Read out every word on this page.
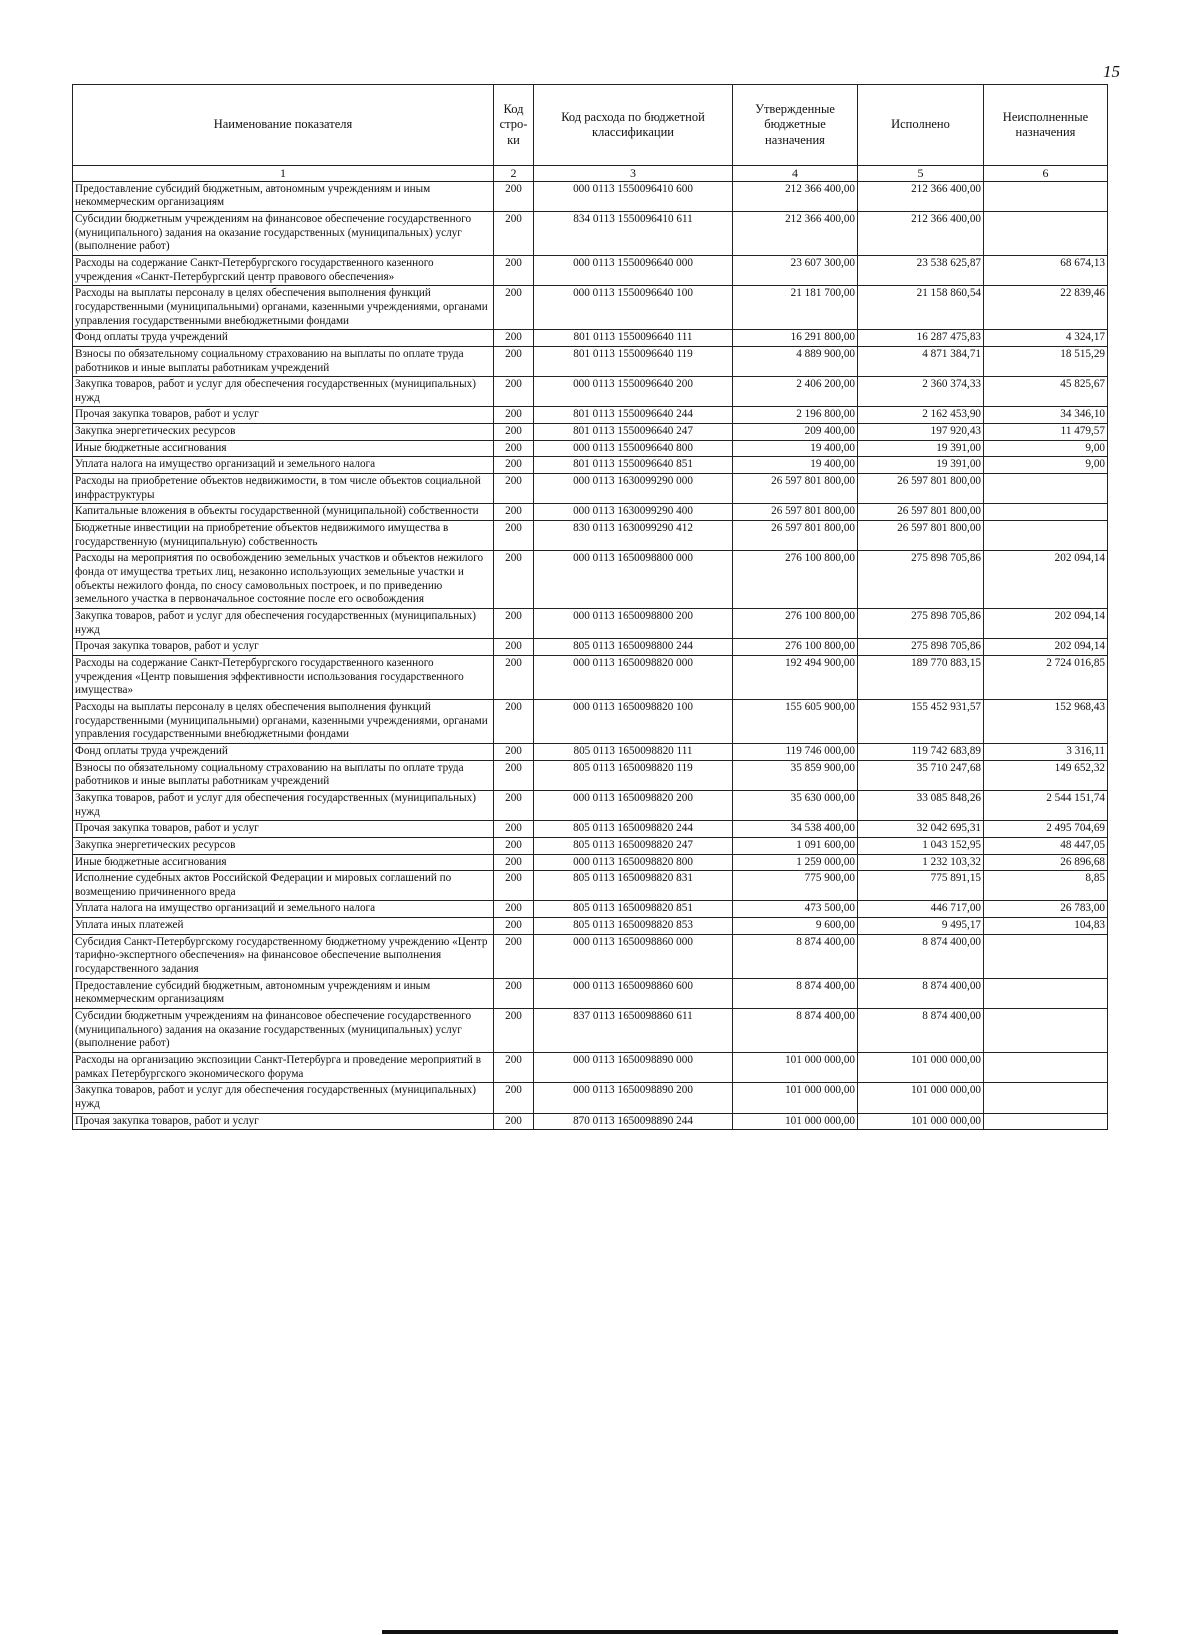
15
Наименование показателя	Код стро-ки	Код расхода по бюджетной классификации	Утвержденные бюджетные назначения	Исполнено	Неисполненные назначения
1	2	3	4	5	6
Предоставление субсидий бюджетным, автономным учреждениям и иным некоммерческим организациям	200	000 0113 1550096410 600	212 366 400,00	212 366 400,00	
Субсидии бюджетным учреждениям на финансовое обеспечение государственного (муниципального) задания на оказание государственных (муниципальных) услуг (выполнение работ)	200	834 0113 1550096410 611	212 366 400,00	212 366 400,00	
Расходы на содержание Санкт-Петербургского государственного казенного учреждения «Санкт-Петербургский центр правового обеспечения»	200	000 0113 1550096640 000	23 607 300,00	23 538 625,87	68 674,13
Расходы на выплаты персоналу в целях обеспечения выполнения функций государственными (муниципальными) органами, казенными учреждениями, органами управления государственными внебюджетными фондами	200	000 0113 1550096640 100	21 181 700,00	21 158 860,54	22 839,46
Фонд оплаты труда учреждений	200	801 0113 1550096640 111	16 291 800,00	16 287 475,83	4 324,17
Взносы по обязательному социальному страхованию на выплаты по оплате труда работников и иные выплаты работникам учреждений	200	801 0113 1550096640 119	4 889 900,00	4 871 384,71	18 515,29
Закупка товаров, работ и услуг для обеспечения государственных (муниципальных) нужд	200	000 0113 1550096640 200	2 406 200,00	2 360 374,33	45 825,67
Прочая закупка товаров, работ и услуг	200	801 0113 1550096640 244	2 196 800,00	2 162 453,90	34 346,10
Закупка энергетических ресурсов	200	801 0113 1550096640 247	209 400,00	197 920,43	11 479,57
Иные бюджетные ассигнования	200	000 0113 1550096640 800	19 400,00	19 391,00	9,00
Уплата налога на имущество организаций и земельного налога	200	801 0113 1550096640 851	19 400,00	19 391,00	9,00
Расходы на приобретение объектов недвижимости, в том числе объектов социальной инфраструктуры	200	000 0113 1630099290 000	26 597 801 800,00	26 597 801 800,00	
Капитальные вложения в объекты государственной (муниципальной) собственности	200	000 0113 1630099290 400	26 597 801 800,00	26 597 801 800,00	
Бюджетные инвестиции на приобретение объектов недвижимого имущества в государственную (муниципальную) собственность	200	830 0113 1630099290 412	26 597 801 800,00	26 597 801 800,00	
Расходы на мероприятия по освобождению земельных участков и объектов нежилого фонда от имущества третьих лиц, незаконно использующих земельные участки и объекты нежилого фонда, по сносу самовольных построек, и по приведению земельного участка в первоначальное состояние после его освобождения	200	000 0113 1650098800 000	276 100 800,00	275 898 705,86	202 094,14
Закупка товаров, работ и услуг для обеспечения государственных (муниципальных) нужд	200	000 0113 1650098800 200	276 100 800,00	275 898 705,86	202 094,14
Прочая закупка товаров, работ и услуг	200	805 0113 1650098800 244	276 100 800,00	275 898 705,86	202 094,14
Расходы на содержание Санкт-Петербургского государственного казенного учреждения «Центр повышения эффективности использования государственного имущества»	200	000 0113 1650098820 000	192 494 900,00	189 770 883,15	2 724 016,85
Расходы на выплаты персоналу в целях обеспечения выполнения функций государственными (муниципальными) органами, казенными учреждениями, органами управления государственными внебюджетными фондами	200	000 0113 1650098820 100	155 605 900,00	155 452 931,57	152 968,43
Фонд оплаты труда учреждений	200	805 0113 1650098820 111	119 746 000,00	119 742 683,89	3 316,11
Взносы по обязательному социальному страхованию на выплаты по оплате труда работников и иные выплаты работникам учреждений	200	805 0113 1650098820 119	35 859 900,00	35 710 247,68	149 652,32
Закупка товаров, работ и услуг для обеспечения государственных (муниципальных) нужд	200	000 0113 1650098820 200	35 630 000,00	33 085 848,26	2 544 151,74
Прочая закупка товаров, работ и услуг	200	805 0113 1650098820 244	34 538 400,00	32 042 695,31	2 495 704,69
Закупка энергетических ресурсов	200	805 0113 1650098820 247	1 091 600,00	1 043 152,95	48 447,05
Иные бюджетные ассигнования	200	000 0113 1650098820 800	1 259 000,00	1 232 103,32	26 896,68
Исполнение судебных актов Российской Федерации и мировых соглашений по возмещению причиненного вреда	200	805 0113 1650098820 831	775 900,00	775 891,15	8,85
Уплата налога на имущество организаций и земельного налога	200	805 0113 1650098820 851	473 500,00	446 717,00	26 783,00
Уплата иных платежей	200	805 0113 1650098820 853	9 600,00	9 495,17	104,83
Субсидия Санкт-Петербургскому государственному бюджетному учреждению «Центр тарифно-экспертного обеспечения» на финансовое обеспечение выполнения государственного задания	200	000 0113 1650098860 000	8 874 400,00	8 874 400,00	
Предоставление субсидий бюджетным, автономным учреждениям и иным некоммерческим организациям	200	000 0113 1650098860 600	8 874 400,00	8 874 400,00	
Субсидии бюджетным учреждениям на финансовое обеспечение государственного (муниципального) задания на оказание государственных (муниципальных) услуг (выполнение работ)	200	837 0113 1650098860 611	8 874 400,00	8 874 400,00	
Расходы на организацию экспозиции Санкт-Петербурга и проведение мероприятий в рамках Петербургского экономического форума	200	000 0113 1650098890 000	101 000 000,00	101 000 000,00	
Закупка товаров, работ и услуг для обеспечения государственных (муниципальных) нужд	200	000 0113 1650098890 200	101 000 000,00	101 000 000,00	
Прочая закупка товаров, работ и услуг	200	870 0113 1650098890 244	101 000 000,00	101 000 000,00	
